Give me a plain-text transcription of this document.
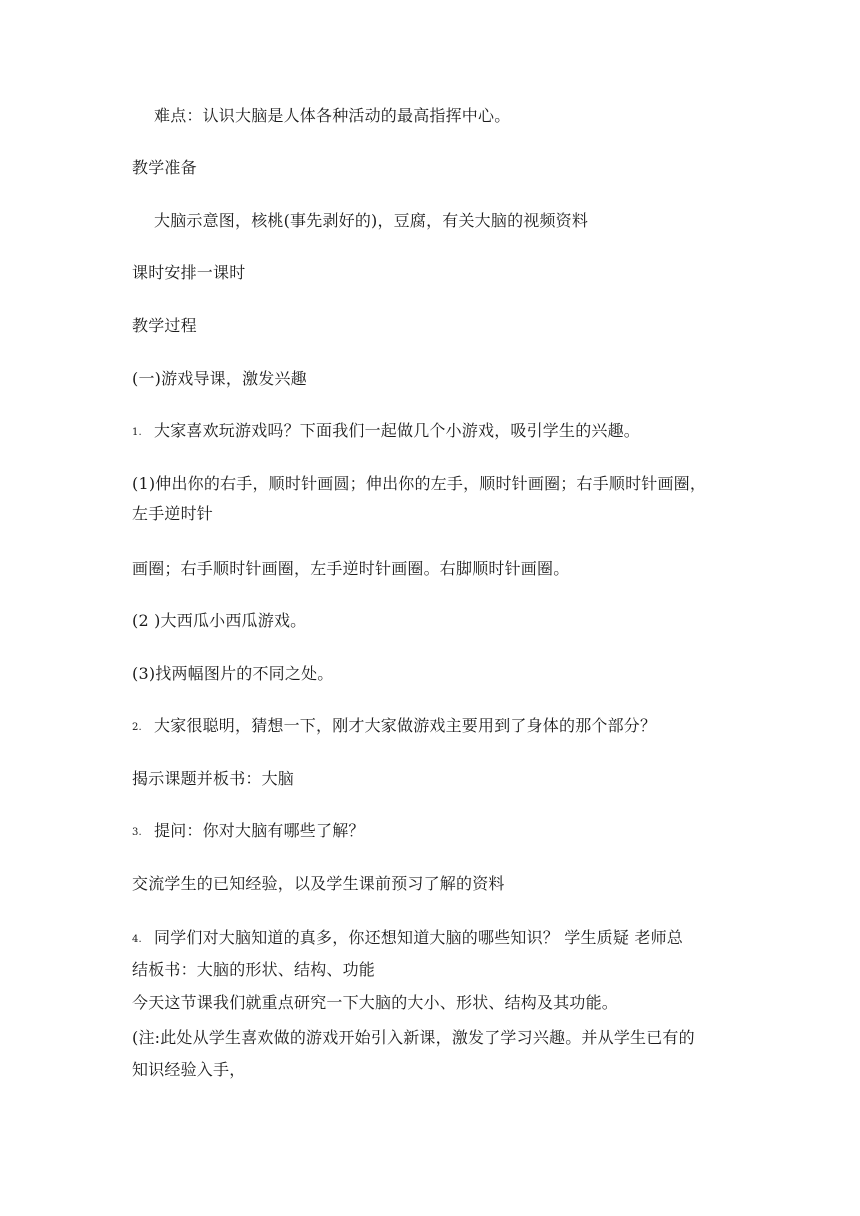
难点：认识大脑是人体各种活动的最高指挥中心。
教学准备
大脑示意图，核桃(事先剥好的)，豆腐，有关大脑的视频资料
课时安排一课时
教学过程
(一)游戏导课，激发兴趣
1. 大家喜欢玩游戏吗？下面我们一起做几个小游戏，吸引学生的兴趣。
(1)伸出你的右手，顺时针画圆；伸出你的左手，顺时针画圈；右手顺时针画圈，
左手逆时针
画圈；右手顺时针画圈，左手逆时针画圈。右脚顺时针画圈。
(2 )大西瓜小西瓜游戏。
(3)找两幅图片的不同之处。
2. 大家很聪明，猜想一下，刚才大家做游戏主要用到了身体的那个部分？
揭示课题并板书：大脑
3. 提问：你对大脑有哪些了解？
交流学生的已知经验，以及学生课前预习了解的资料
4. 同学们对大脑知道的真多，你还想知道大脑的哪些知识？ 学生质疑 老师总
结板书：大脑的形状、结构、功能
今天这节课我们就重点研究一下大脑的大小、形状、结构及其功能。
(注:此处从学生喜欢做的游戏开始引入新课，激发了学习兴趣。并从学生已有的
知识经验入手，
